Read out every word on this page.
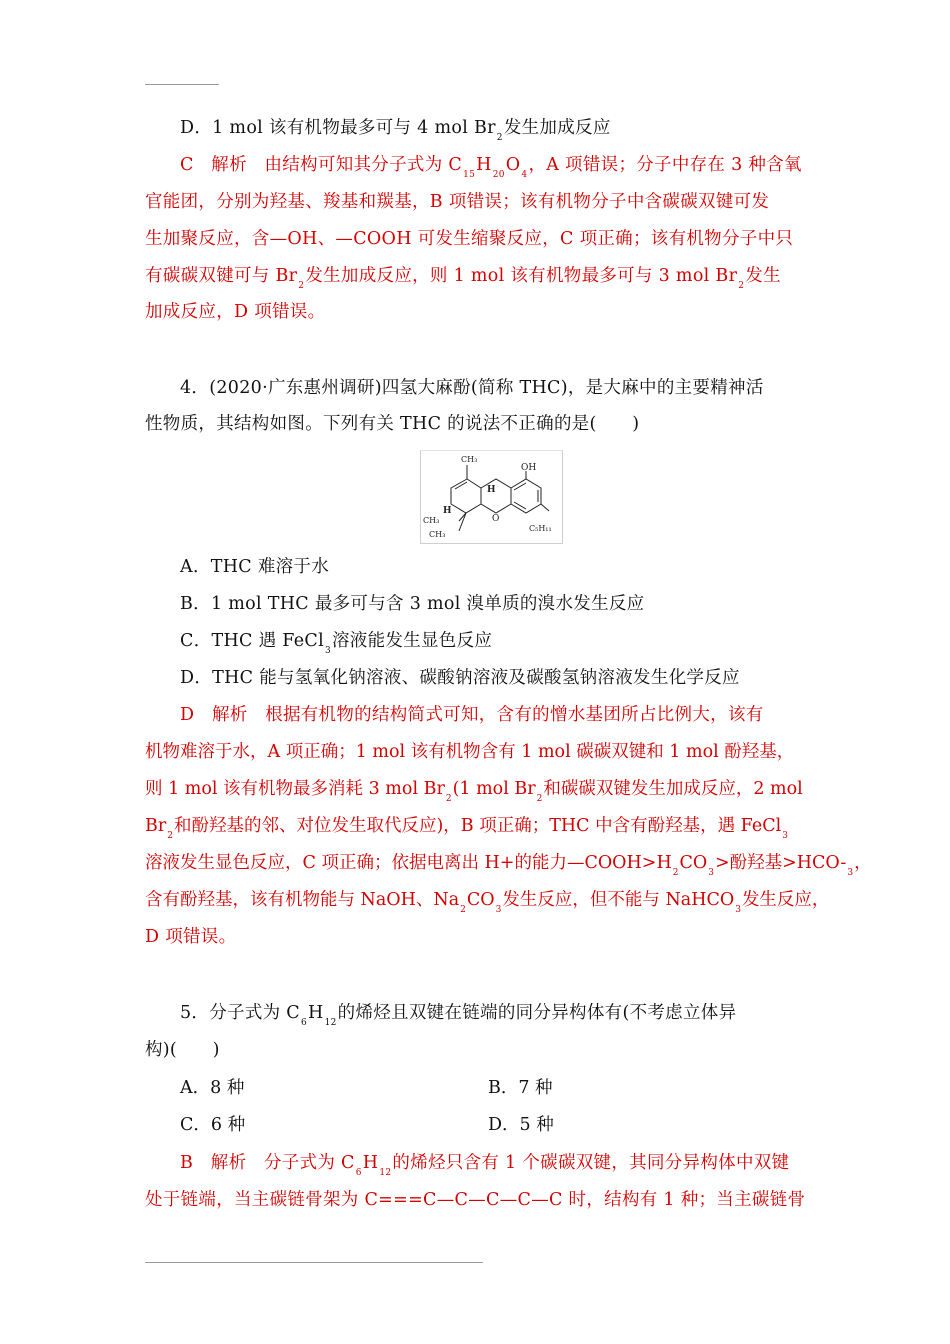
D．1 mol 该有机物最多可与 4 mol $Br_2$发生加成反应
C 解析 由结构可知其分子式为 $C_{15}H_{20}O_4$，A 项错误；分子中存在 3 种含氧
官能团，分别为羟基、羧基和羰基，B 项错误；该有机物分子中含碳碳双键可发
生加聚反应，含—OH、—COOH 可发生缩聚反应，C 项正确；该有机物分子中只
有碳碳双键可与 $Br_2$发生加成反应，则 1 mol 该有机物最多可与 3 mol $Br_2$发生
加成反应，D 项错误。
4．(2020·广东惠州调研)四氢大麻酚(简称 THC)，是大麻中的主要精神活
性物质，其结构如图。下列有关 THC 的说法不正确的是(　　)
CH₃
OH
H
H
CH₃
CH₃
O
C₅H₁₁
A．THC 难溶于水
B．1 mol THC 最多可与含 3 mol 溴单质的溴水发生反应
C．THC 遇 FeCl$_3$溶液能发生显色反应
D．THC 能与氢氧化钠溶液、碳酸钠溶液及碳酸氢钠溶液发生化学反应
D 解析 根据有机物的结构简式可知，含有的憎水基团所占比例大，该有
机物难溶于水，A 项正确；1 mol 该有机物含有 1 mol 碳碳双键和 1 mol 酚羟基，
则 1 mol 该有机物最多消耗 3 mol $Br_2(1$ mol $Br_2$和碳碳双键发生加成反应，2 mol
$Br_2$和酚羟基的邻、对位发生取代反应)，B 项正确；THC 中含有酚羟基，遇 FeCl$_3$
溶液发生显色反应，C 项正确；依据电离出 H+的能力$—COOH>H_2CO_3>$酚羟基$>HCO-_3$，
含有酚羟基，该有机物能与 NaOH、$Na_2CO_3$发生反应，但不能与 NaHCO$_3$发生反应，
D 项错误。
5．分子式为 $C_6H_{12}$的烯烃且双键在链端的同分异构体有(不考虑立体异
构)(　　)
A．8 种	B．7 种
C．6 种	D．5 种
B 解析 分子式为 $C_6H_{12}$的烯烃只含有 1 个碳碳双键，其同分异构体中双键
处于链端，当主碳链骨架为 C===C—C—C—C—C 时，结构有 1 种；当主碳链骨
